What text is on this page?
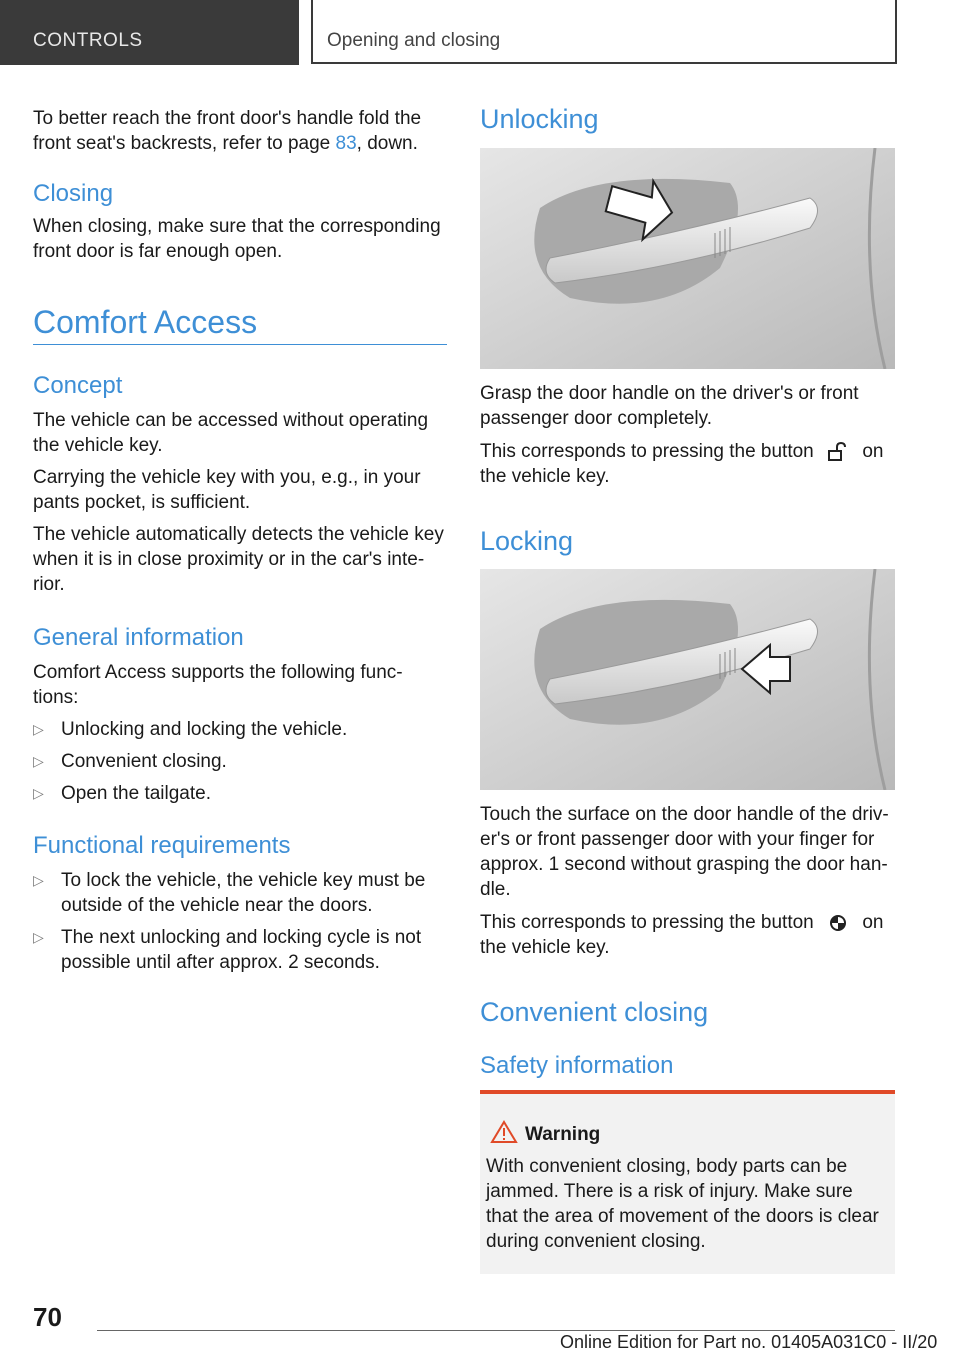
CONTROLS	Opening and closing

To better reach the front door's handle fold the front seat's backrests, refer to page 83, down.

Closing

When closing, make sure that the corresponding front door is far enough open.

Comfort Access
Concept

The vehicle can be accessed without operating the vehicle key.

Carrying the vehicle key with you, e.g., in your pants pocket, is sufficient.

The vehicle automatically detects the vehicle key when it is in close proximity or in the car's inte-rior.

General information

Comfort Access supports the following func-tions:

▷ Unlocking and locking the vehicle.
▷ Convenient closing.
▷ Open the tailgate.
Functional requirements
▷ To lock the vehicle, the vehicle key must be outside of the vehicle near the doors.
▷ The next unlocking and locking cycle is not possible until after approx. 2 seconds.
Unlocking

Grasp the door handle on the driver's or front passenger door completely.

This corresponds to pressing the button	on
the vehicle key.

Locking

Touch the surface on the door handle of the driv-er's or front passenger door with your finger for approx. 1 second without grasping the door han-dle.

This corresponds to pressing the button	on
the vehicle key.

Convenient closing
Safety information
Warning

With convenient closing, body parts can be jammed. There is a risk of injury. Make sure that the area of movement of the doors is clear during convenient closing.

70
Online Edition for Part no. 01405A031C0 - II/20
